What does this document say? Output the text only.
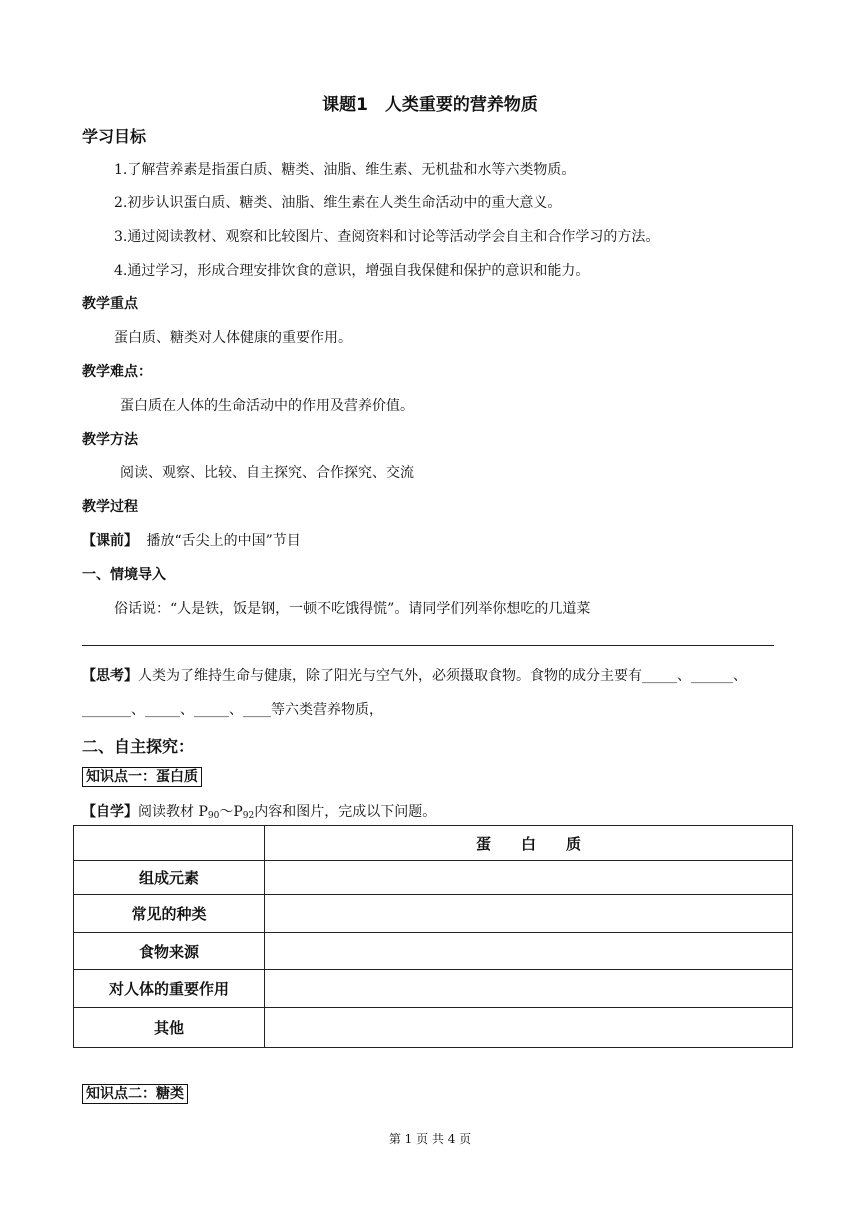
课题1　人类重要的营养物质
学习目标
1.了解营养素是指蛋白质、糖类、油脂、维生素、无机盐和水等六类物质。
2.初步认识蛋白质、糖类、油脂、维生素在人类生命活动中的重大意义。
3.通过阅读教材、观察和比较图片、查阅资料和讨论等活动学会自主和合作学习的方法。
4.通过学习，形成合理安排饮食的意识，增强自我保健和保护的意识和能力。
教学重点
蛋白质、糖类对人体健康的重要作用。
教学难点：
蛋白质在人体的生命活动中的作用及营养价值。
教学方法
阅读、观察、比较、自主探究、合作探究、交流
教学过程
【课前】 播放“舌尖上的中国”节目
一、情境导入
俗话说：“人是铁，饭是钢，一顿不吃饿得慌”。请同学们列举你想吃的几道菜
【思考】人类为了维持生命与健康，除了阳光与空气外，必须摄取食物。食物的成分主要有_____、______、
_______、_____、_____、____等六类营养物质，
二、自主探究：
知识点一：蛋白质
【自学】阅读教材 $P_{90}\sim P_{92}$内容和图片，完成以下问题。
	蛋　　白　　质
组成元素	
常见的种类	
食物来源	
对人体的重要作用	
其他	
知识点二：糖类
第 1 页 共 4 页
